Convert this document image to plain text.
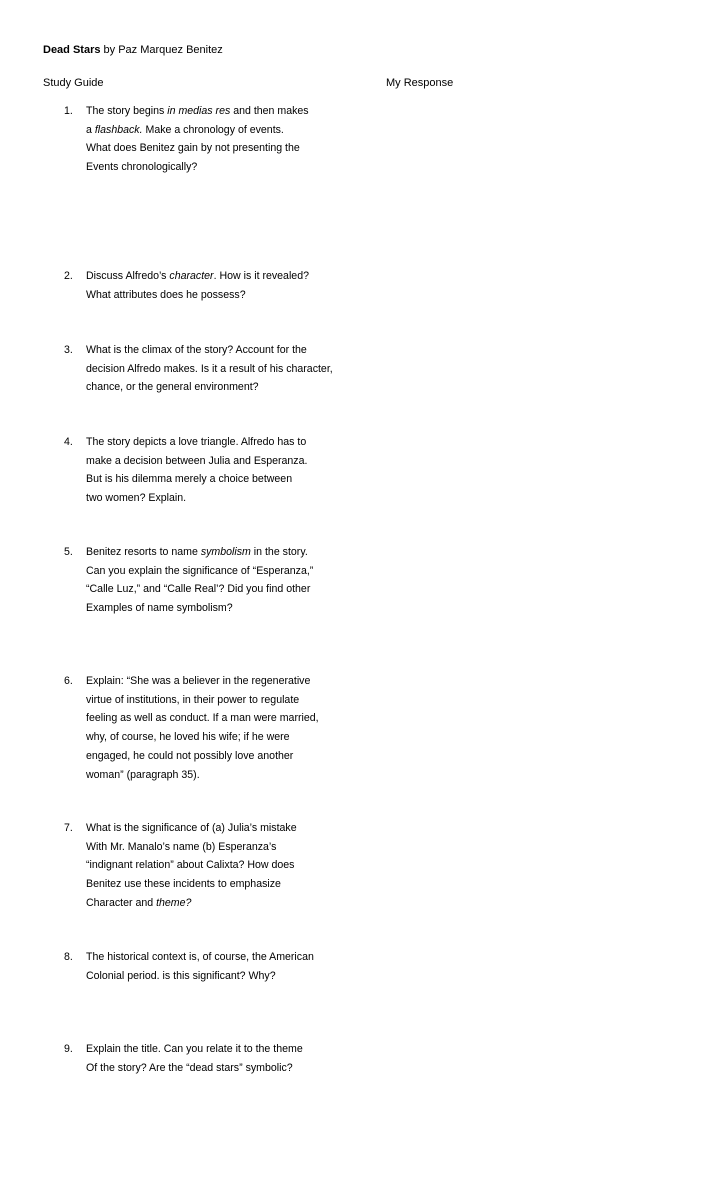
Dead Stars by Paz Marquez Benitez
Study Guide	My Response
1. The story begins in medias res and then makes
a flashback. Make a chronology of events.
What does Benitez gain by not presenting the
Events chronologically?
2. Discuss Alfredo’s character. How is it revealed?
What attributes does he possess?
3. What is the climax of the story? Account for the
decision Alfredo makes. Is it a result of his character,
chance, or the general environment?
4. The story depicts a love triangle. Alfredo has to
make a decision between Julia and Esperanza.
But is his dilemma merely a choice between
two women? Explain.
5. Benitez resorts to name symbolism in the story.
Can you explain the significance of “Esperanza,”
“Calle Luz,” and “Calle Real’? Did you find other
Examples of name symbolism?
6. Explain: “She was a believer in the regenerative
virtue of institutions, in their power to regulate
feeling as well as conduct. If a man were married,
why, of course, he loved his wife; if he were
engaged, he could not possibly love another
woman” (paragraph 35).
7. What is the significance of (a) Julia’s mistake
With Mr. Manalo’s name (b) Esperanza’s
“indignant relation” about Calixta? How does
Benitez use these incidents to emphasize
Character and theme?
8. The historical context is, of course, the American
Colonial period. is this significant? Why?
9. Explain the title. Can you relate it to the theme
Of the story? Are the “dead stars” symbolic?
